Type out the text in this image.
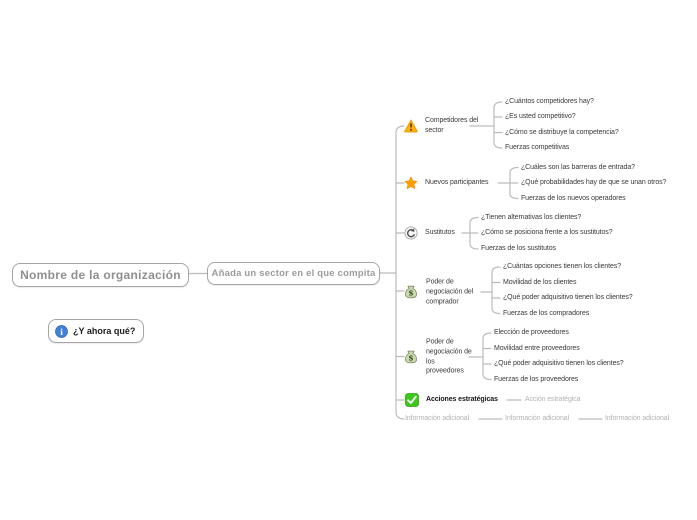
Nombre de la organización	Añada un sector en el que compita
i ¿Y ahora qué?
Competidores del sector
¿Cuántos competidores hay?
¿Es usted competitivo?
¿Cómo se distribuye la competencia?
Fuerzas competitivas
Nuevos participantes
¿Cuáles son las barreras de entrada?
¿Qué probabilidades hay de que se unan otros?
Fuerzas de los nuevos operadores
Sustitutos
¿Tienen alternativas los clientes?
¿Cómo se posiciona frente a los sustitutos?
Fuerzas de los sustitutos
$
Poder de negociación del comprador
¿Cuántas opciones tienen los clientes?
Movilidad de los clientes
¿Qué poder adquisitivo tienen los clientes?
Fuerzas de los compradores
$
Poder de negociación de los proveedores
Elección de proveedores
Movilidad entre proveedores
¿Qué poder adquisitivo tienen los clientes?
Fuerzas de los proveedores
Acciones estratégicas	Acción estratégica
Información adicional	Información adicional	Información adicional
